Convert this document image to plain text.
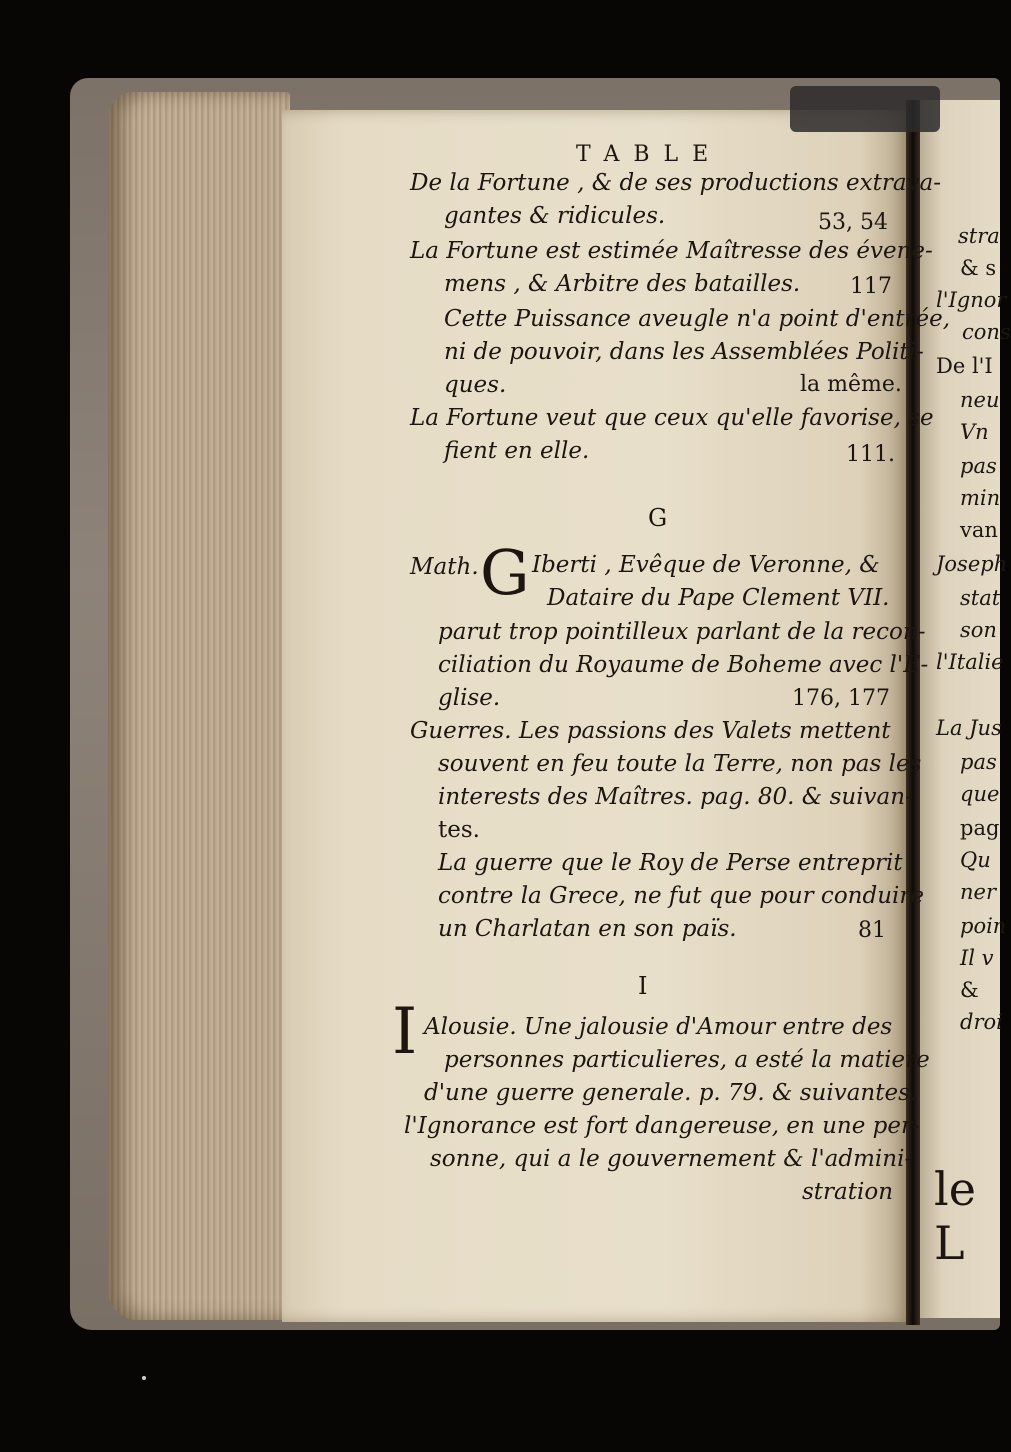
TABLE
De la Fortune , & de ses productions extrava-
gantes & ridicules.	53, 54
La Fortune est estimée Maîtresse des évene-
mens , & Arbitre des batailles. 117
Cette Puissance aveugle n'a point d'entrée,
ni de pouvoir, dans les Assemblées Politi-
ques.	la même.
La Fortune veut que ceux qu'elle favorise, se
fient en elle.	111.
G
Math. G Iberti , Evêque de Veronne, &
Dataire du Pape Clement VII.
parut trop pointilleux parlant de la recon-
ciliation du Royaume de Boheme avec l'E-
glise.	176, 177
Guerres. Les passions des Valets mettent
souvent en feu toute la Terre, non pas les
interests des Maîtres. pag. 80. & suivan-
tes.
La guerre que le Roy de Perse entreprit
contre la Grece, ne fut que pour conduire
un Charlatan en son païs.	81
I
I Alousie. Une jalousie d'Amour entre des
personnes particulieres, a esté la matiere
d'une guerre generale. p. 79. & suivantes.
l'Ignorance est fort dangereuse, en une per-
sonne, qui a le gouvernement & l'admini-
stration
stra
& s
l'Ignor
cons
De l'I
neu
Vn
pas
min
van
Joseph
stat
son
l'Italie
La Jus
pas
que
pag
Qu
ner
poin
Il v
&
droi
le L
